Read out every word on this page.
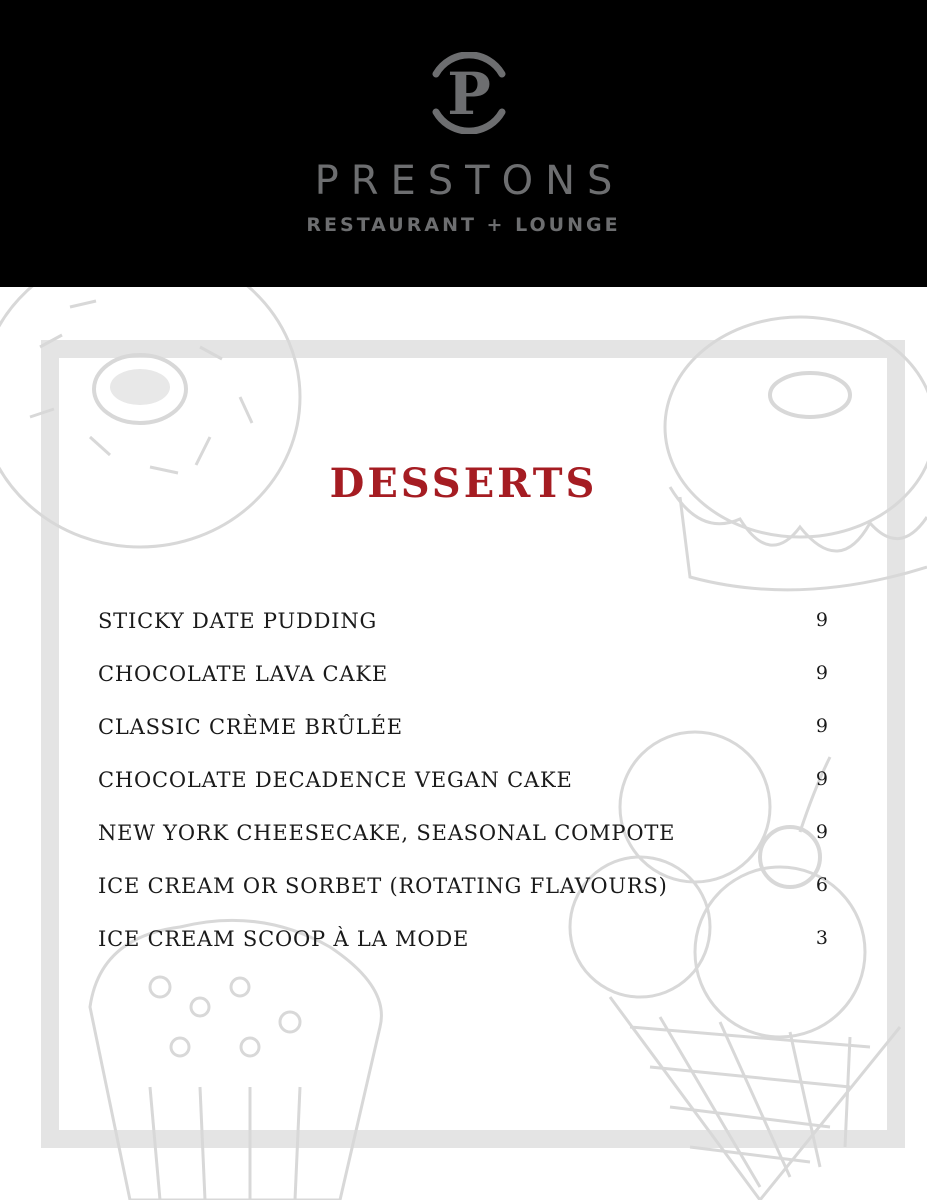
P
PRESTONS
RESTAURANT + LOUNGE
DESSERTS
STICKY DATE PUDDING	9
CHOCOLATE LAVA CAKE	9
CLASSIC CRÈME BRÛLÉE	9
CHOCOLATE DECADENCE VEGAN CAKE	9
NEW YORK CHEESECAKE, SEASONAL COMPOTE	9
ICE CREAM OR SORBET (ROTATING FLAVOURS)	6
ICE CREAM SCOOP À LA MODE	3
